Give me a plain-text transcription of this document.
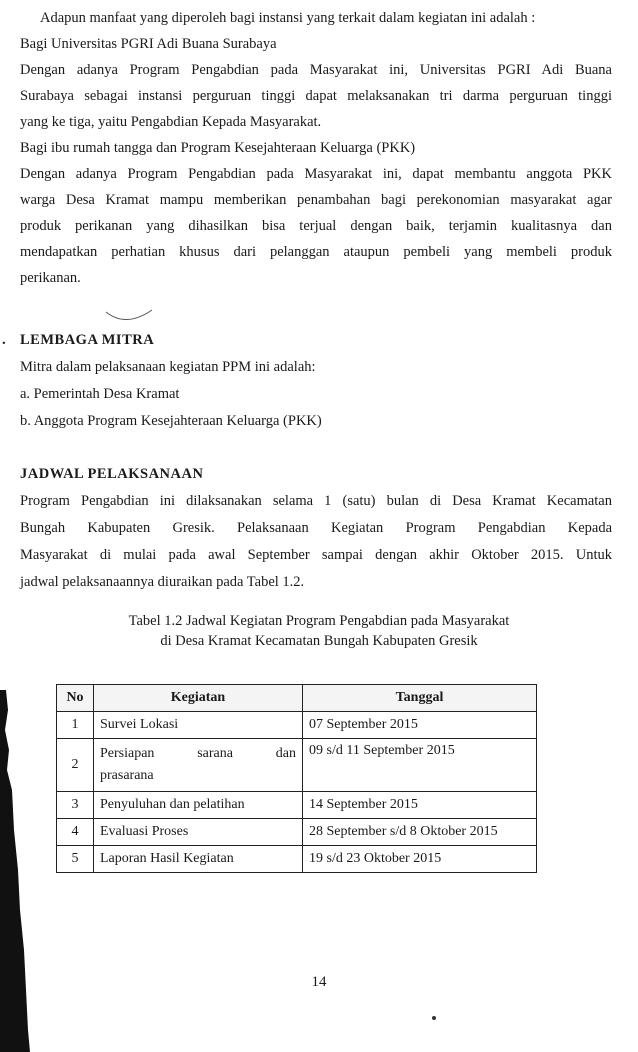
Adapun manfaat yang diperoleh bagi instansi yang terkait dalam kegiatan ini adalah :
Bagi Universitas PGRI Adi Buana Surabaya
Dengan adanya Program Pengabdian pada Masyarakat ini, Universitas PGRI Adi Buana
Surabaya sebagai instansi perguruan tinggi dapat melaksanakan tri darma perguruan tinggi
yang ke tiga, yaitu Pengabdian Kepada Masyarakat.
Bagi ibu rumah tangga dan Program Kesejahteraan Keluarga (PKK)
Dengan adanya Program Pengabdian pada Masyarakat ini, dapat membantu anggota PKK
warga Desa Kramat mampu memberikan penambahan bagi perekonomian masyarakat agar
produk perikanan yang dihasilkan bisa terjual dengan baik, terjamin kualitasnya dan
mendapatkan perhatian khusus dari pelanggan ataupun pembeli yang membeli produk
perikanan.
. LEMBAGA MITRA
Mitra dalam pelaksanaan kegiatan PPM ini adalah:
a. Pemerintah Desa Kramat
b. Anggota Program Kesejahteraan Keluarga (PKK)
JADWAL PELAKSANAAN
Program Pengabdian ini dilaksanakan selama 1 (satu) bulan di Desa Kramat Kecamatan
Bungah Kabupaten Gresik. Pelaksanaan Kegiatan Program Pengabdian Kepada
Masyarakat di mulai pada awal September sampai dengan akhir Oktober 2015. Untuk
jadwal pelaksanaannya diuraikan pada Tabel 1.2.
Tabel 1.2 Jadwal Kegiatan Program Pengabdian pada Masyarakat
di Desa Kramat Kecamatan Bungah Kabupaten Gresik
No	Kegiatan	Tanggal
1	Survei Lokasi	07 September 2015
2	Persiapan sarana dan
prasarana	09 s/d 11 September 2015
3	Penyuluhan dan pelatihan	14 September 2015
4	Evaluasi Proses	28 September s/d 8 Oktober 2015
5	Laporan Hasil Kegiatan	19 s/d 23 Oktober 2015
14
